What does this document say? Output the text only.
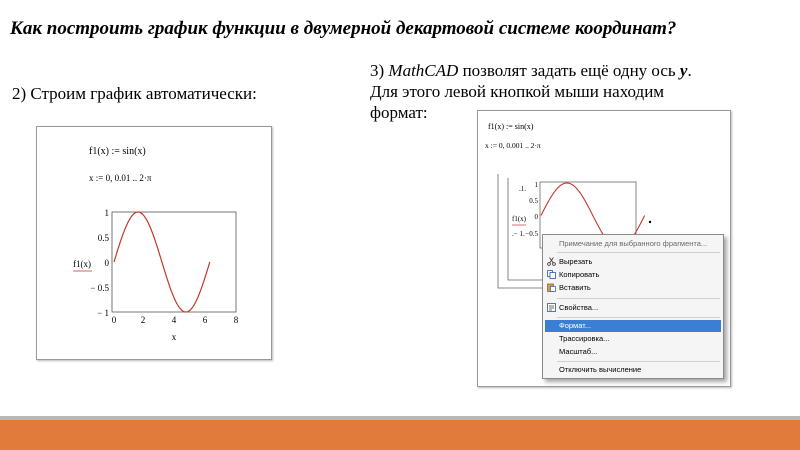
Как построить график функции в двумерной декартовой системе координат?
2) Строим график автоматически:
3) MathCAD позволят задать ещё одну ось y.
Для этого левой кнопкой мыши находим
формат:
f1(x) := sin(x)
x := 0, 0.01 .. 2·π
1
0.5
0
− 0.5
− 1
0	2	4	6	8
f1(x)
x
f1(x) := sin(x)
x := 0, 0.001 .. 2·π
.1.
.− 1.
1
0.5
0
−0.5
f1(x)
Примечание для выбранного фрагмента...
Вырезать
Копировать
Вставить
Свойства...
Формат...
Трассировка...
Масштаб...
Отключить вычисление
